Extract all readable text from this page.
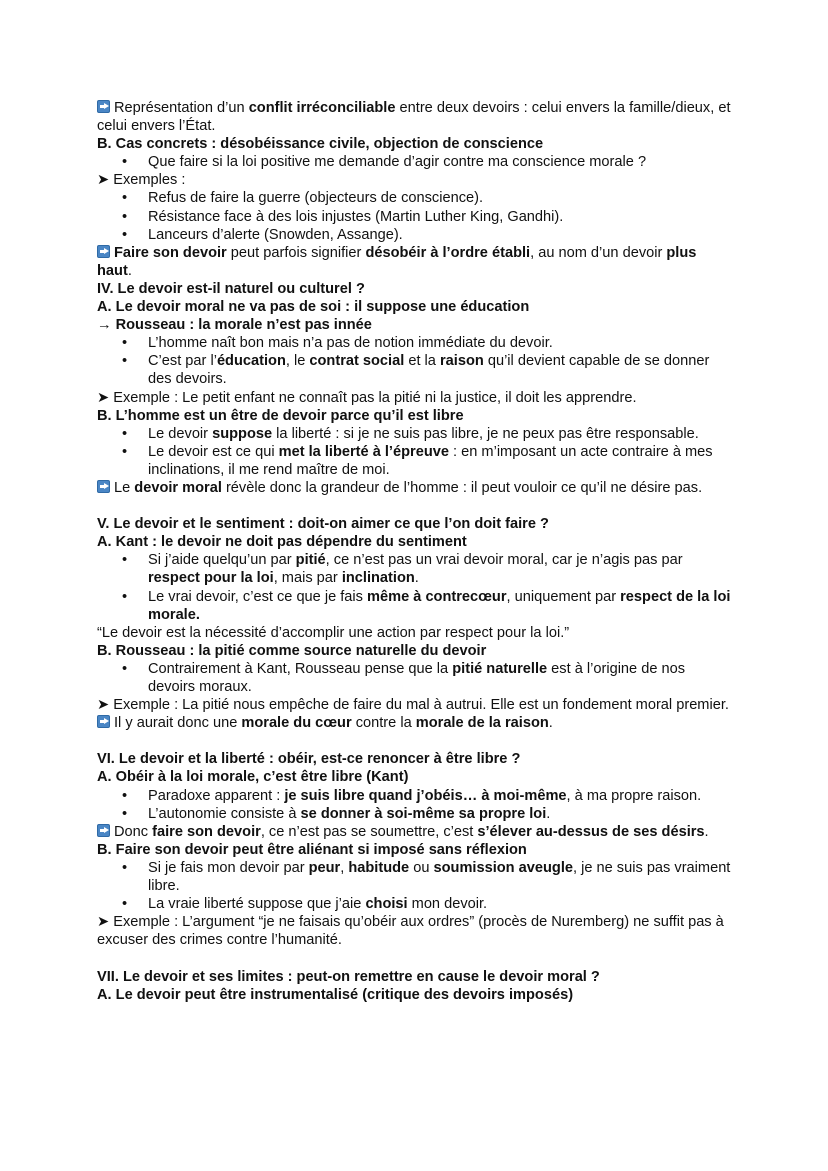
Représentation d’un conflit irréconciliable entre deux devoirs : celui envers la famille/dieux, et celui envers l’État.
B. Cas concrets : désobéissance civile, objection de conscience
• Que faire si la loi positive me demande d’agir contre ma conscience morale ?
➤ Exemples :
• Refus de faire la guerre (objecteurs de conscience).
• Résistance face à des lois injustes (Martin Luther King, Gandhi).
• Lanceurs d’alerte (Snowden, Assange).
Faire son devoir peut parfois signifier désobéir à l’ordre établi, au nom d’un devoir plus haut.
IV. Le devoir est-il naturel ou culturel ?
A. Le devoir moral ne va pas de soi : il suppose une éducation
→ Rousseau : la morale n’est pas innée
• L’homme naît bon mais n’a pas de notion immédiate du devoir.
• C’est par l’éducation, le contrat social et la raison qu’il devient capable de se donner des devoirs.
➤ Exemple : Le petit enfant ne connaît pas la pitié ni la justice, il doit les apprendre.
B. L’homme est un être de devoir parce qu’il est libre
• Le devoir suppose la liberté : si je ne suis pas libre, je ne peux pas être responsable.
• Le devoir est ce qui met la liberté à l’épreuve : en m’imposant un acte contraire à mes inclinations, il me rend maître de moi.
Le devoir moral révèle donc la grandeur de l’homme : il peut vouloir ce qu’il ne désire pas.
V. Le devoir et le sentiment : doit-on aimer ce que l’on doit faire ?
A. Kant : le devoir ne doit pas dépendre du sentiment
• Si j’aide quelqu’un par pitié, ce n’est pas un vrai devoir moral, car je n’agis pas par respect pour la loi, mais par inclination.
• Le vrai devoir, c’est ce que je fais même à contrecœur, uniquement par respect de la loi morale.
“Le devoir est la nécessité d’accomplir une action par respect pour la loi.”
B. Rousseau : la pitié comme source naturelle du devoir
• Contrairement à Kant, Rousseau pense que la pitié naturelle est à l’origine de nos devoirs moraux.
➤ Exemple : La pitié nous empêche de faire du mal à autrui. Elle est un fondement moral premier.
Il y aurait donc une morale du cœur contre la morale de la raison.
VI. Le devoir et la liberté : obéir, est-ce renoncer à être libre ?
A. Obéir à la loi morale, c’est être libre (Kant)
• Paradoxe apparent : je suis libre quand j’obéis… à moi-même, à ma propre raison.
• L’autonomie consiste à se donner à soi-même sa propre loi.
Donc faire son devoir, ce n’est pas se soumettre, c’est s’élever au-dessus de ses désirs.
B. Faire son devoir peut être aliénant si imposé sans réflexion
• Si je fais mon devoir par peur, habitude ou soumission aveugle, je ne suis pas vraiment libre.
• La vraie liberté suppose que j’aie choisi mon devoir.
➤ Exemple : L’argument “je ne faisais qu’obéir aux ordres” (procès de Nuremberg) ne suffit pas à excuser des crimes contre l’humanité.
VII. Le devoir et ses limites : peut-on remettre en cause le devoir moral ?
A. Le devoir peut être instrumentalisé (critique des devoirs imposés)
